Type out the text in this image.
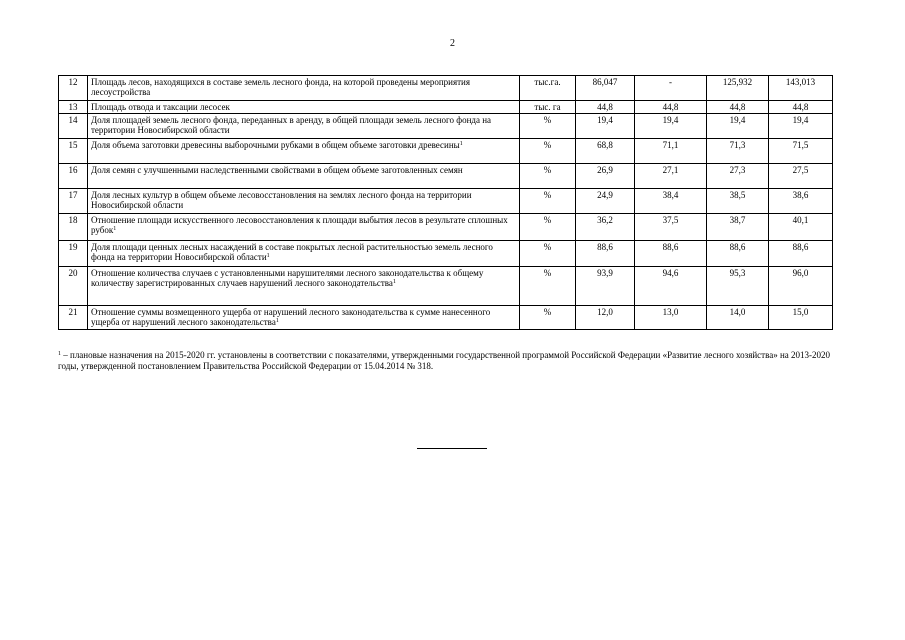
2
12	Площадь лесов, находящихся в составе земель лесного фонда, на которой проведены мероприятия лесоустройства	тыс.га.	86,047	-	125,932	143,013
13	Площадь отвода и таксации лесосек	тыс. га	44,8	44,8	44,8	44,8
14	Доля площадей земель лесного фонда, переданных в аренду, в общей площади земель лесного фонда на территории Новосибирской области	%	19,4	19,4	19,4	19,4
15	Доля объема заготовки древесины выборочными рубками в общем объеме заготовки древесины$^1$	%	68,8	71,1	71,3	71,5
16	Доля семян с улучшенными наследственными свойствами в общем объеме заготовленных семян	%	26,9	27,1	27,3	27,5
17	Доля лесных культур в общем объеме лесовосстановления на землях лесного фонда на территории Новосибирской области	%	24,9	38,4	38,5	38,6
18	Отношение площади искусственного лесовосстановления к площади выбытия лесов в результате сплошных рубок$^1$	%	36,2	37,5	38,7	40,1
19	Доля площади ценных лесных насаждений в составе покрытых лесной растительностью земель лесного фонда на территории Новосибирской области$^1$	%	88,6	88,6	88,6	88,6
20	Отношение количества случаев с установленными нарушителями лесного законодательства к общему количеству зарегистрированных случаев нарушений лесного законодательства$^1$	%	93,9	94,6	95,3	96,0
21	Отношение суммы возмещенного ущерба от нарушений лесного законодательства к сумме нанесенного ущерба от нарушений лесного законодательства$^1$	%	12,0	13,0	14,0	15,0
$^1$ – плановые назначения на 2015-2020 гг. установлены в соответствии с показателями, утвержденными государственной программой Российской Федерации «Развитие лесного хозяйства» на 2013-2020 годы, утвержденной постановлением Правительства Российской Федерации от 15.04.2014 № 318.
